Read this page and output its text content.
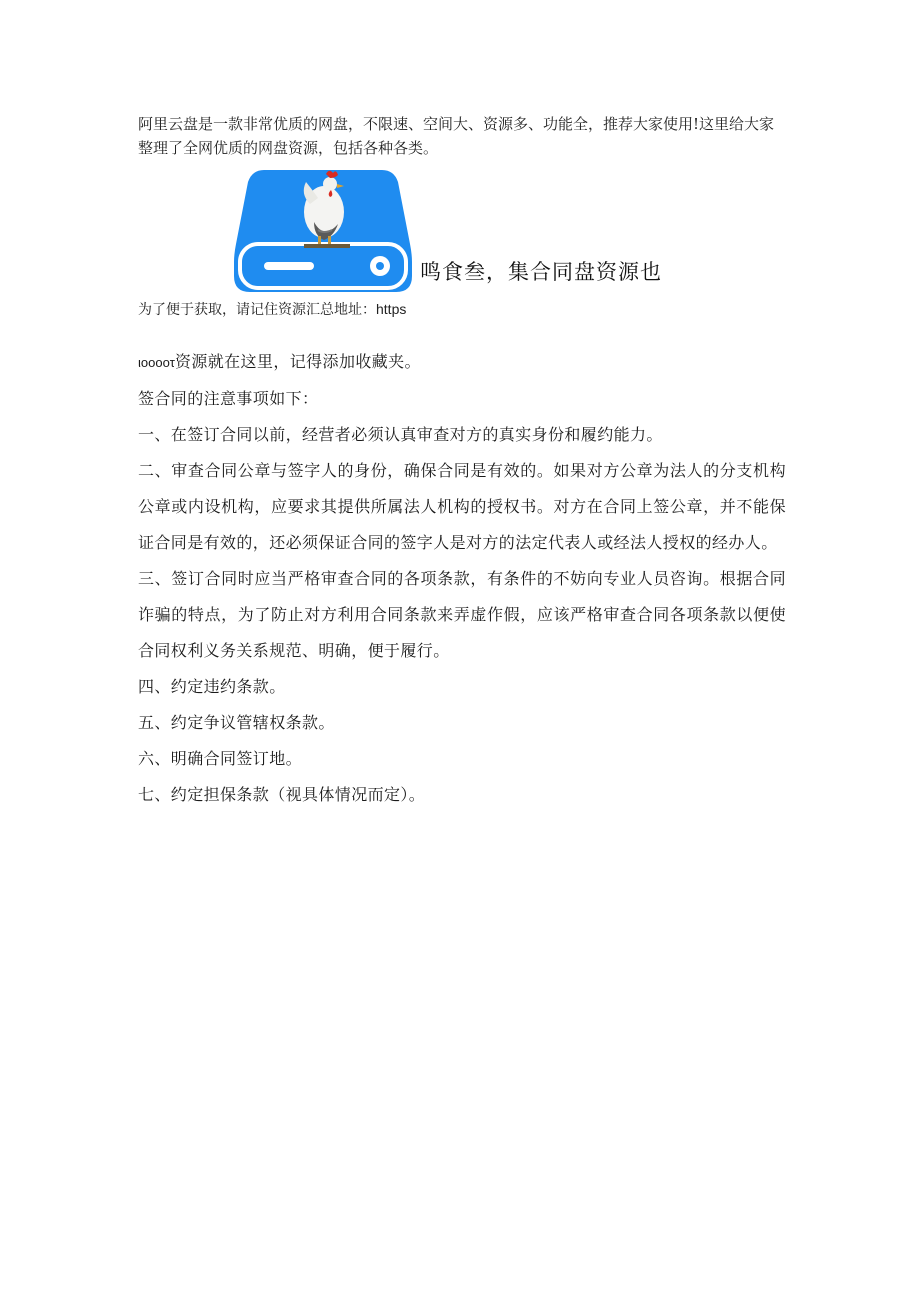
阿里云盘是一款非常优质的网盘，不限速、空间大、资源多、功能全，推荐大家使用!这里给大家整理了全网优质的网盘资源，包括各种各类。

鸣食叁，集合同盘资源也

为了便于获取，请记住资源汇总地址：https

ιooooτ资源就在这里，记得添加收藏夹。

签合同的注意事项如下：

一、在签订合同以前，经营者必须认真审查对方的真实身份和履约能力。

二、审查合同公章与签字人的身份，确保合同是有效的。如果对方公章为法人的分支机构公章或内设机构，应要求其提供所属法人机构的授权书。对方在合同上签公章，并不能保证合同是有效的，还必须保证合同的签字人是对方的法定代表人或经法人授权的经办人。

三、签订合同时应当严格审查合同的各项条款，有条件的不妨向专业人员咨询。根据合同诈骗的特点，为了防止对方利用合同条款来弄虚作假，应该严格审查合同各项条款以便使合同权利义务关系规范、明确，便于履行。

四、约定违约条款。

五、约定争议管辖权条款。

六、明确合同签订地。

七、约定担保条款（视具体情况而定）。
